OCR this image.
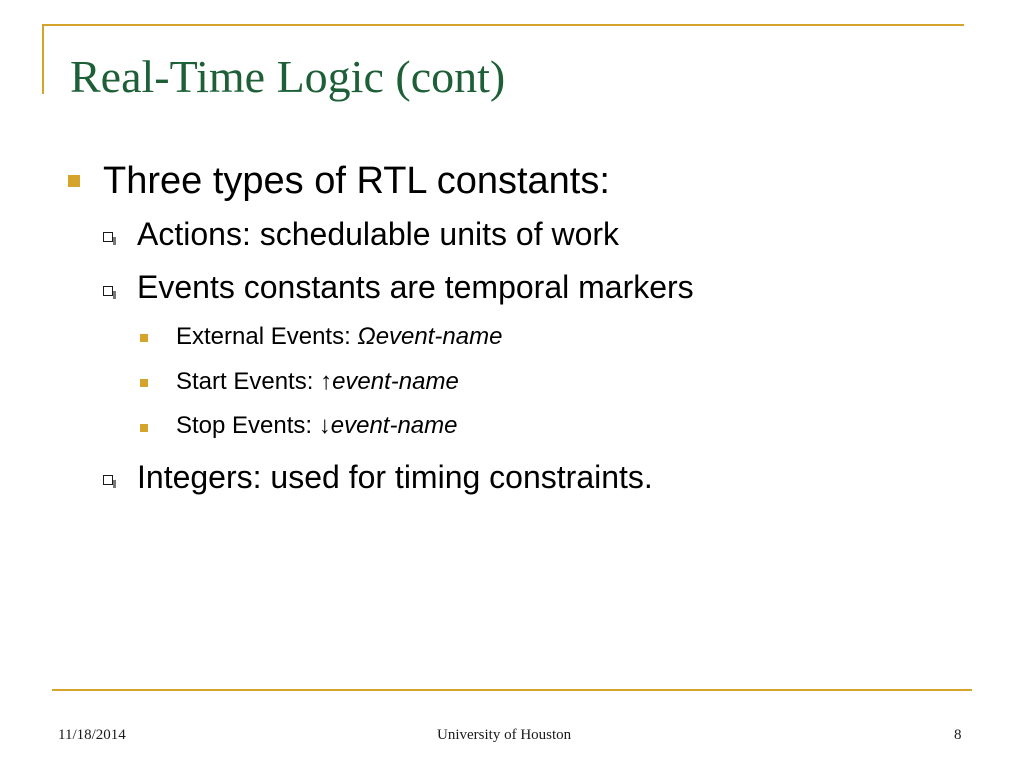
Real-Time Logic (cont)
Three types of RTL constants:
Actions: schedulable units of work
Events constants are temporal markers
External Events: Ωevent-name
Start Events: ↑event-name
Stop Events: ↓event-name
Integers: used for timing constraints.
11/18/2014	University of Houston	8
